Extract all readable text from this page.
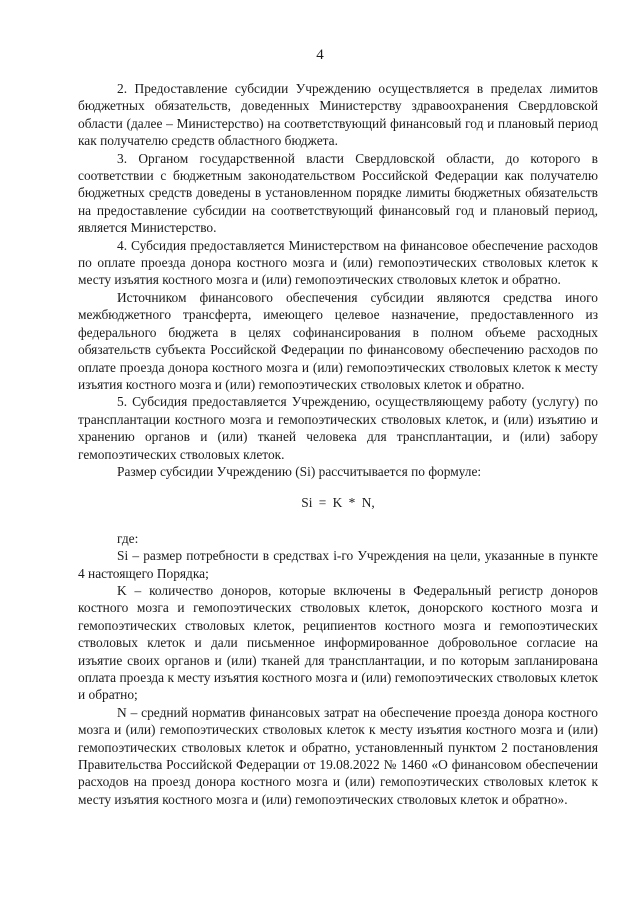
4

2. Предоставление субсидии Учреждению осуществляется в пределах лимитов бюджетных обязательств, доведенных Министерству здравоохранения Свердловской области (далее – Министерство) на соответствующий финансовый год и плановый период как получателю средств областного бюджета.

3. Органом государственной власти Свердловской области, до которого в соответствии с бюджетным законодательством Российской Федерации как получателю бюджетных средств доведены в установленном порядке лимиты бюджетных обязательств на предоставление субсидии на соответствующий финансовый год и плановый период, является Министерство.

4. Субсидия предоставляется Министерством на финансовое обеспечение расходов по оплате проезда донора костного мозга и (или) гемопоэтических стволовых клеток к месту изъятия костного мозга и (или) гемопоэтических стволовых клеток и обратно.

Источником финансового обеспечения субсидии являются средства иного межбюджетного трансферта, имеющего целевое назначение, предоставленного из федерального бюджета в целях софинансирования в полном объеме расходных обязательств субъекта Российской Федерации по финансовому обеспечению расходов по оплате проезда донора костного мозга и (или) гемопоэтических стволовых клеток к месту изъятия костного мозга и (или) гемопоэтических стволовых клеток и обратно.

5. Субсидия предоставляется Учреждению, осуществляющему работу (услугу) по трансплантации костного мозга и гемопоэтических стволовых клеток, и (или) изъятию и хранению органов и (или) тканей человека для трансплантации, и (или) забору гемопоэтических стволовых клеток.

Размер субсидии Учреждению (Si) рассчитывается по формуле:

Si = K * N,

где:

Si – размер потребности в средствах i-го Учреждения на цели, указанные в пункте 4 настоящего Порядка;

K – количество доноров, которые включены в Федеральный регистр доноров костного мозга и гемопоэтических стволовых клеток, донорского костного мозга и гемопоэтических стволовых клеток, реципиентов костного мозга и гемопоэтических стволовых клеток и дали письменное информированное добровольное согласие на изъятие своих органов и (или) тканей для трансплантации, и по которым запланирована оплата проезда к месту изъятия костного мозга и (или) гемопоэтических стволовых клеток и обратно;

N – средний норматив финансовых затрат на обеспечение проезда донора костного мозга и (или) гемопоэтических стволовых клеток к месту изъятия костного мозга и (или) гемопоэтических стволовых клеток и обратно, установленный пунктом 2 постановления Правительства Российской Федерации от 19.08.2022 № 1460 «О финансовом обеспечении расходов на проезд донора костного мозга и (или) гемопоэтических стволовых клеток к месту изъятия костного мозга и (или) гемопоэтических стволовых клеток и обратно».
